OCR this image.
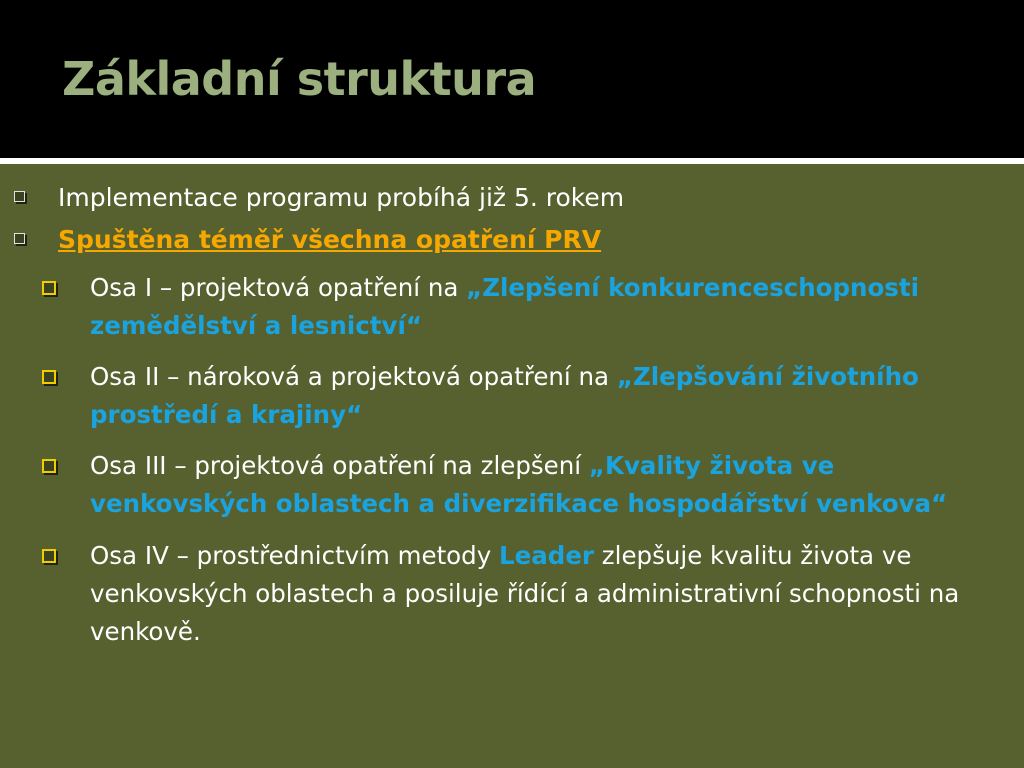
Základní struktura
Implementace programu probíhá již 5. rokem
Spuštěna téměř všechna opatření PRV
Osa I – projektová opatření na „Zlepšení konkurenceschopnosti zemědělství a lesnictví“
Osa II – nároková a projektová opatření na „Zlepšování životního prostředí a krajiny“
Osa III – projektová opatření na zlepšení „Kvality života ve venkovských oblastech a diverzifikace hospodářství venkova“
Osa IV – prostřednictvím metody Leader zlepšuje kvalitu života ve venkovských oblastech a posiluje řídící a administrativní schopnosti na venkově.
